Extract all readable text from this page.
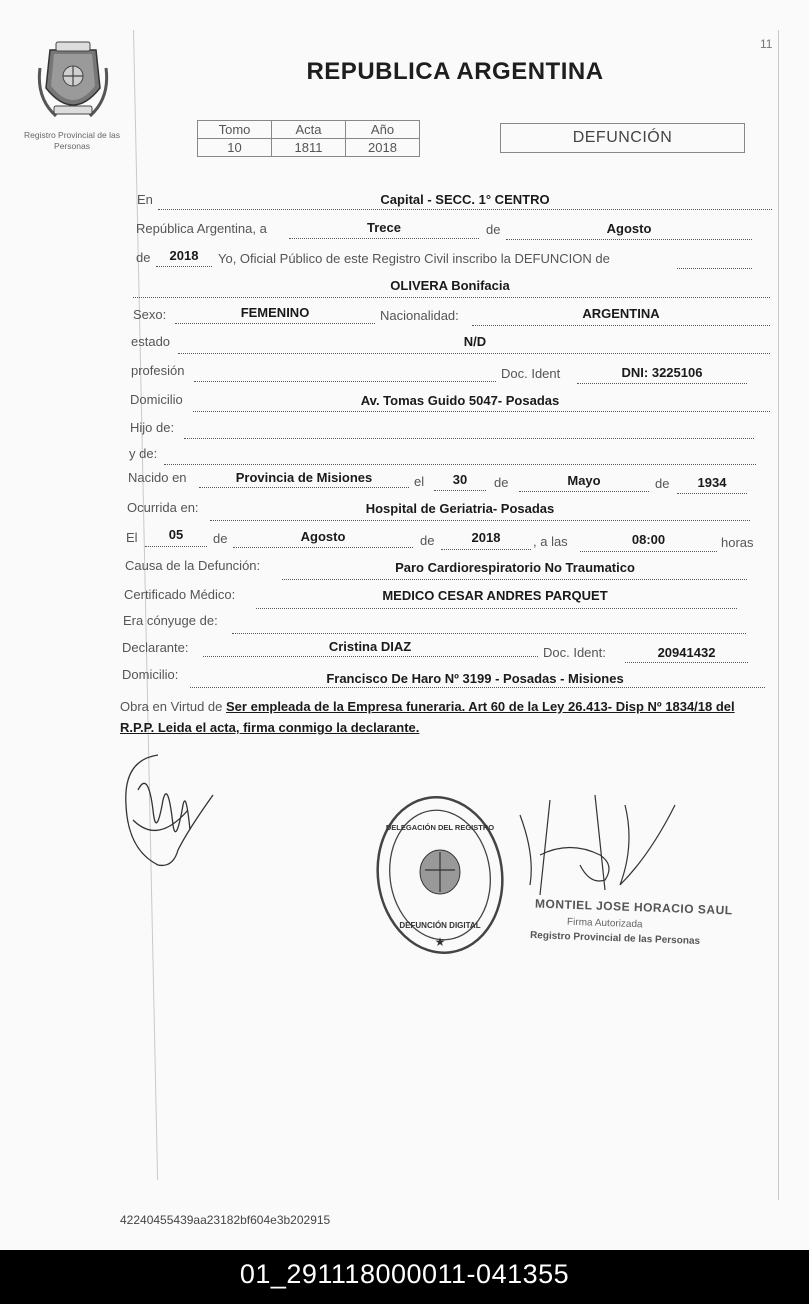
Registro Provincial de las Personas
11
REPUBLICA ARGENTINA
Tomo	Acta	Año
10	1811	2018
DEFUNCIÓN
En	Capital - SECC. 1° CENTRO
República Argentina, a	Trece	de	Agosto
de	2018	Yo, Oficial Público de este Registro Civil inscribo la DEFUNCION de
OLIVERA Bonifacia
Sexo:	FEMENINO	Nacionalidad:	ARGENTINA
estado	N/D
profesión	Doc. Ident	DNI: 3225106
Domicilio	Av. Tomas Guido 5047- Posadas
Hijo de:
y de:
Nacido en	Provincia de Misiones	el	30	de	Mayo	de	1934
Ocurrida en:	Hospital de Geriatria- Posadas
El	05	de	Agosto	de	2018	, a las	08:00	horas
Causa de la Defunción:	Paro Cardiorespiratorio No Traumatico
Certificado Médico:	MEDICO CESAR ANDRES PARQUET
Era cónyuge de:
Declarante:	Cristina DIAZ	Doc. Ident:	20941432
Domicilio:	Francisco De Haro Nº 3199 - Posadas - Misiones
Obra en Virtud de Ser empleada de la Empresa funeraria. Art 60 de la Ley 26.413- Disp Nº 1834/18 del R.P.P. Leida el acta, firma conmigo la declarante.
DELEGACIÓN DEL REGISTRO
DEFUNCIÓN DIGITAL
★
MONTIEL JOSE HORACIO SAUL
Firma Autorizada
Registro Provincial de las Personas
42240455439aa23182bf604e3b202915
01_291118000011-041355
